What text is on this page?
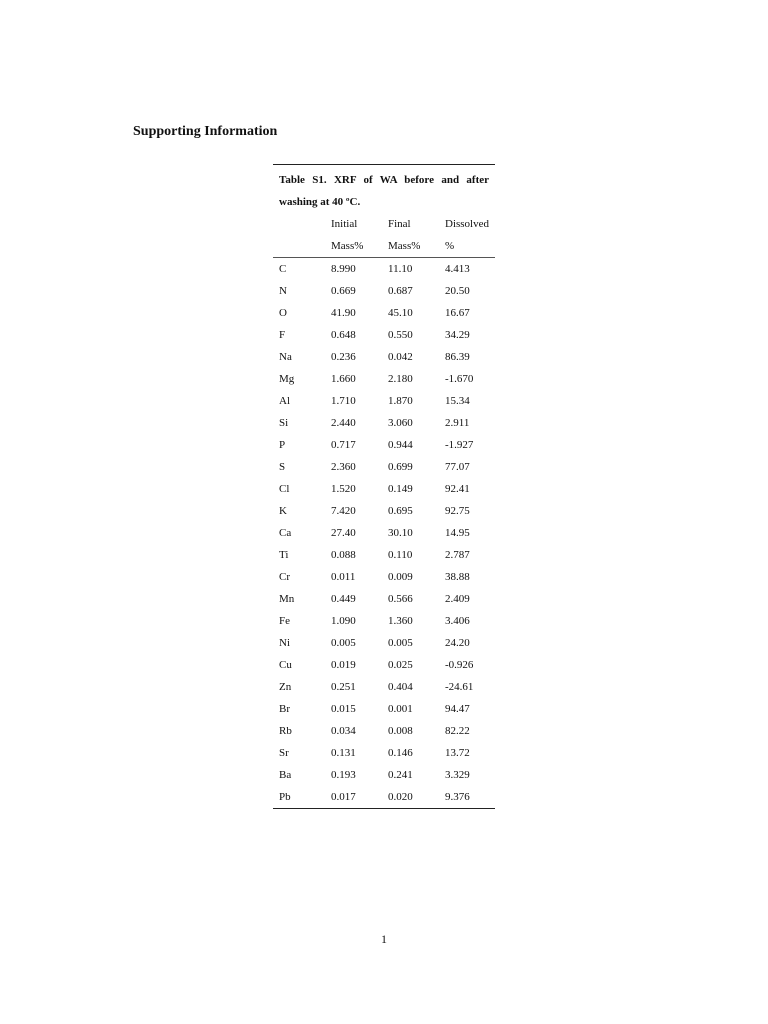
Supporting Information
Table S1. XRF of WA before and after
washing at 40 ºC.
	Initial	Final	Dissolved
	Mass%	Mass%	%
C	8.990	11.10	4.413
N	0.669	0.687	20.50
O	41.90	45.10	16.67
F	0.648	0.550	34.29
Na	0.236	0.042	86.39
Mg	1.660	2.180	-1.670
Al	1.710	1.870	15.34
Si	2.440	3.060	2.911
P	0.717	0.944	-1.927
S	2.360	0.699	77.07
Cl	1.520	0.149	92.41
K	7.420	0.695	92.75
Ca	27.40	30.10	14.95
Ti	0.088	0.110	2.787
Cr	0.011	0.009	38.88
Mn	0.449	0.566	2.409
Fe	1.090	1.360	3.406
Ni	0.005	0.005	24.20
Cu	0.019	0.025	-0.926
Zn	0.251	0.404	-24.61
Br	0.015	0.001	94.47
Rb	0.034	0.008	82.22
Sr	0.131	0.146	13.72
Ba	0.193	0.241	3.329
Pb	0.017	0.020	9.376
1
